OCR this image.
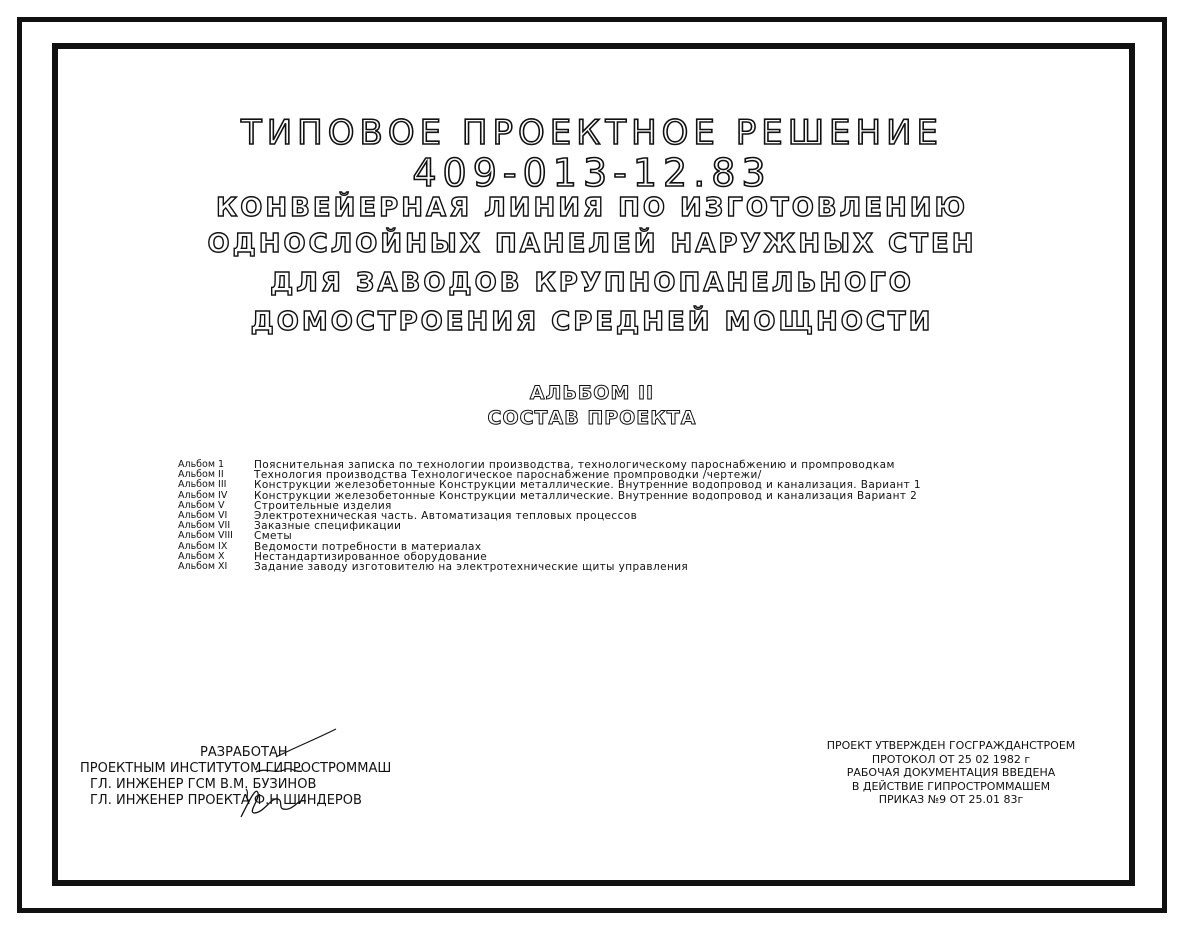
ТИПОВОЕ ПРОЕКТНОЕ РЕШЕНИЕ
409-013-12.83
КОНВЕЙЕРНАЯ ЛИНИЯ ПО ИЗГОТОВЛЕНИЮ
ОДНОСЛОЙНЫХ ПАНЕЛЕЙ НАРУЖНЫХ СТЕН
ДЛЯ ЗАВОДОВ КРУПНОПАНЕЛЬНОГО
ДОМОСТРОЕНИЯ СРЕДНЕЙ МОЩНОСТИ
АЛЬБОМ II
СОСТАВ ПРОЕКТА
Альбом 1	Пояснительная записка по технологии производства, технологическому пароснабжению и промпроводкам
Альбом II	Технология производства Технологическое пароснабжение промпроводки /чертежи/
Альбом III	Конструкции железобетонные Конструкции металлические. Внутренние водопровод и канализация. Вариант 1
Альбом IV	Конструкции железобетонные Конструкции металлические. Внутренние водопровод и канализация Вариант 2
Альбом V	Строительные изделия
Альбом VI	Электротехническая часть. Автоматизация тепловых процессов
Альбом VII	Заказные спецификации
Альбом VIII	Сметы
Альбом IX	Ведомости потребности в материалах
Альбом X	Нестандартизированное оборудование
Альбом XI	Задание заводу изготовителю на электротехнические щиты управления
РАЗРАБОТАН
ПРОЕКТНЫМ ИНСТИТУТОМ ГИПРОСТРОММАШ
ГЛ. ИНЖЕНЕР ГСМ В.М. БУЗИНОВ
ГЛ. ИНЖЕНЕР ПРОЕКТА Ф.Н ШИНДЕРОВ
ПРОЕКТ УТВЕРЖДЕН ГОСГРАЖДАНСТРОЕМ
ПРОТОКОЛ ОТ 25 02 1982 г
РАБОЧАЯ ДОКУМЕНТАЦИЯ ВВЕДЕНА
В ДЕЙСТВИЕ ГИПРОСТРОММАШЕМ
ПРИКАЗ №9 ОТ 25.01 83г
